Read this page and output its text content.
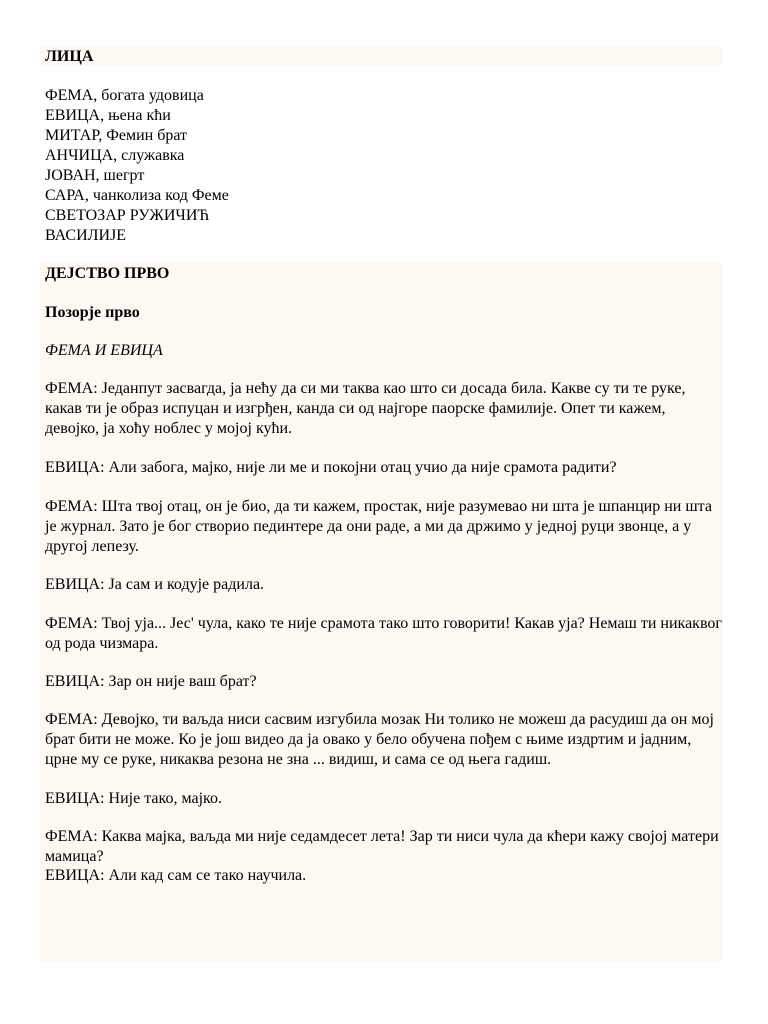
ЛИЦА
ФЕМА, богата удовица
ЕВИЦА, њена кћи
МИТАР, Фемин брат
АНЧИЦА, служавка
ЈОВАН, шегрт
САРА, чанколиза код Феме
СВЕТОЗАР РУЖИЧИЋ
ВАСИЛИЈЕ
ДЕЈСТВО ПРВО
Позорје прво
ФЕМА И ЕВИЦА
ФЕМА: Једанпут засвагда, ја нећу да си ми таква као што си досада била. Какве су ти те руке, какав ти је образ испуцан и изгрђен, канда си од најгоре паорске фамилије. Опет ти кажем, девојко, ја хоћу ноблес у мојој кући.
ЕВИЦА: Али забога, мајко, није ли ме и покојни отац учио да није срамота радити?
ФЕМА: Шта твој отац, он је био, да ти кажем, простак, није разумевао ни шта је шпанцир ни шта је журнал. Зато је бог створио пединтере да они раде, а ми да држимо у једној руци звонце, а у другој лепезу.
ЕВИЦА: Ја сам и кодује радила.
ФЕМА: Твој ујa... Јес' чула, како те није срамота тако што говорити! Какав ујa? Немаш ти никаквог од рода чизмара.
ЕВИЦА: Зар он није ваш брат?
ФЕМА: Девојко, ти ваљда ниси сасвим изгубила мозак Ни толико не можеш да расудиш да он мој брат бити не може. Ко је још видео да ја овако у бело обучена пођем с њиме издртим и јадним, црне му се руке, никаква резона не зна ... видиш, и сама се од њега гадиш.
ЕВИЦА: Није тако, мајко.
ФЕМА: Каква мајка, ваљда ми није седамдесет лета! Зар ти ниси чула да кћери кажу својој матери мамица?
ЕВИЦА: Али кад сам се тако научила.
